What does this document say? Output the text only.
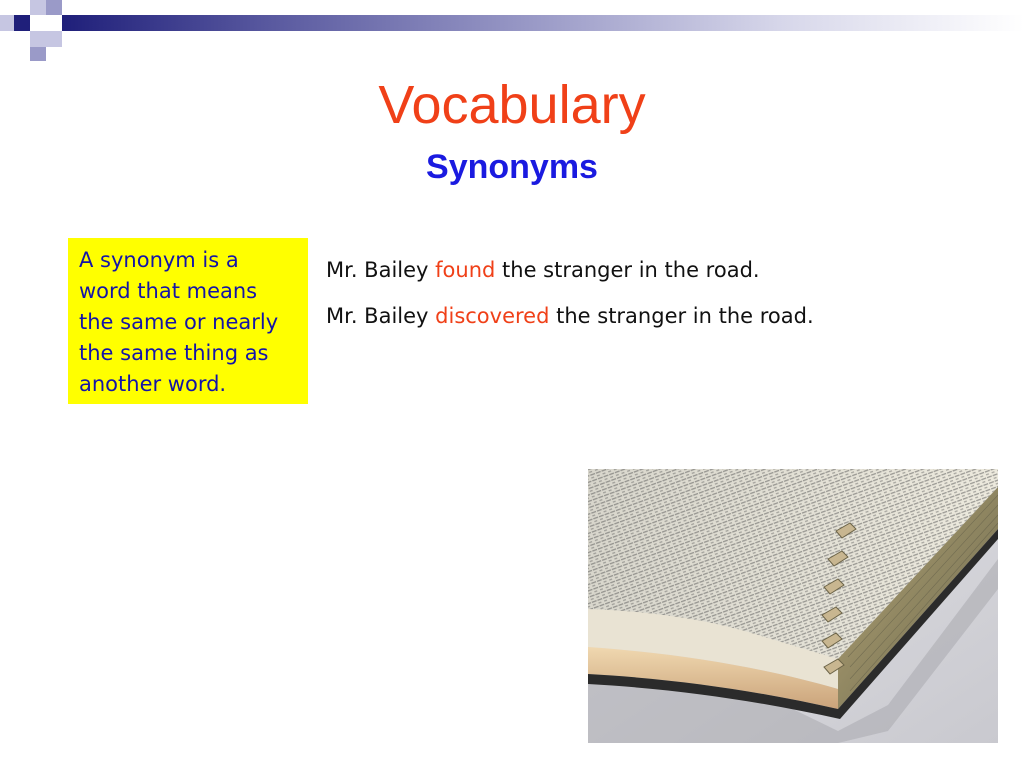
Vocabulary
Synonyms
A synonym is a
word that means
the same or nearly
the same thing as
another word.
Mr. Bailey found the stranger in the road.
Mr. Bailey discovered the stranger in the road.
